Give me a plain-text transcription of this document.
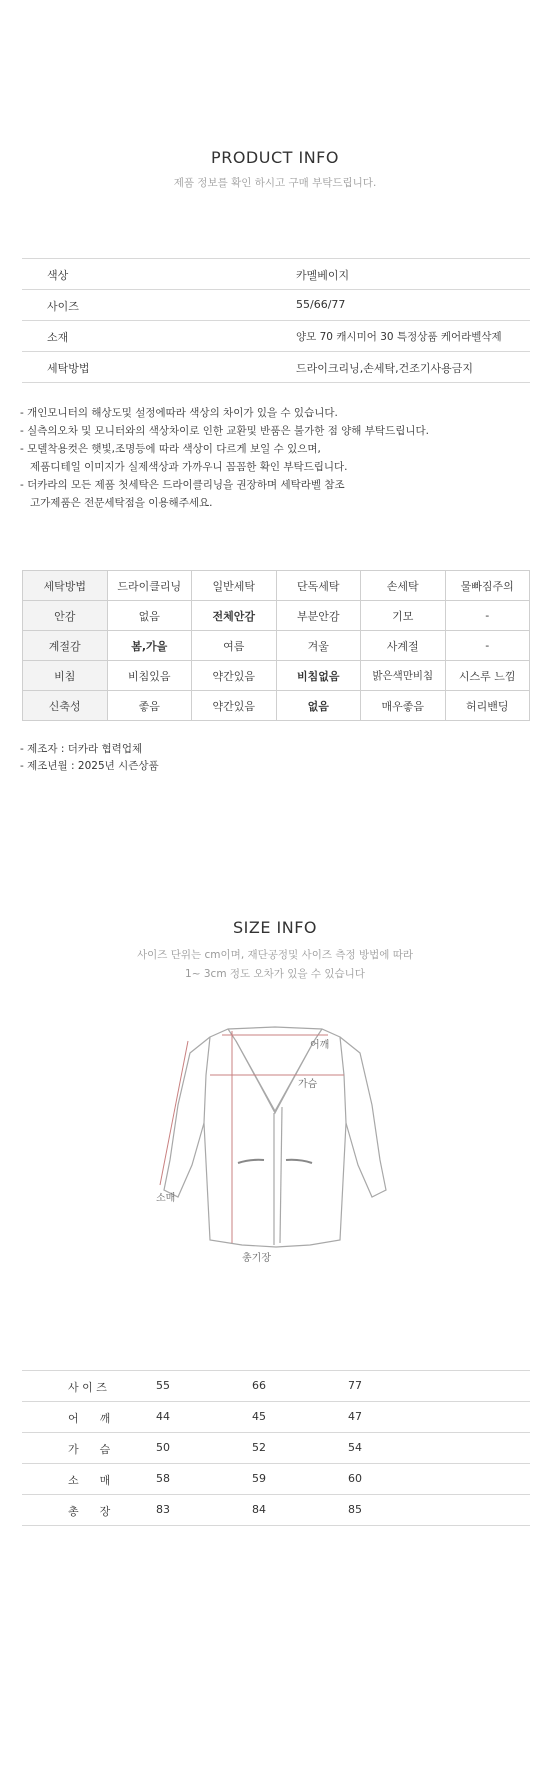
PRODUCT INFO
제품 정보를 확인 하시고 구매 부탁드립니다.
색상	카멜베이지
사이즈	55/66/77
소재	양모 70 캐시미어 30 특정상품 케어라벨삭제
세탁방법	드라이크리닝,손세탁,건조기사용금지
- 개인모니터의 해상도및 설정에따라 색상의 차이가 있을 수 있습니다.
- 실측의오차 및 모니터와의 색상차이로 인한 교환및 반품은 불가한 점 양해 부탁드립니다.
- 모델착용컷은 햇빛,조명등에 따라 색상이 다르게 보일 수 있으며,
제품디테일 이미지가 실제색상과 가까우니 꼼꼼한 확인 부탁드립니다.
- 더카라의 모든 제품 첫세탁은 드라이클리닝을 권장하며 세탁라벨 참조
고가제품은 전문세탁점을 이용해주세요.
세탁방법	드라이클리닝	일반세탁	단독세탁	손세탁	물빠짐주의
안감	없음	전체안감	부분안감	기모	-
계절감	봄,가을	여름	겨울	사계절	-
비침	비침있음	약간있음	비침없음	밝은색만비침	시스루 느낌
신축성	좋음	약간있음	없음	매우좋음	허리밴딩
- 제조자 : 더카라 협력업체
- 제조년월 : 2025년 시즌상품
SIZE INFO
사이즈 단위는 cm이며, 재단공정및 사이즈 측정 방법에 따라
1~ 3cm 정도 오차가 있을 수 있습니다
어깨
가슴
소매
총기장
사 이 즈	55	66	77
어      깨	44	45	47
가      슴	50	52	54
소      매	58	59	60
총      장	83	84	85
